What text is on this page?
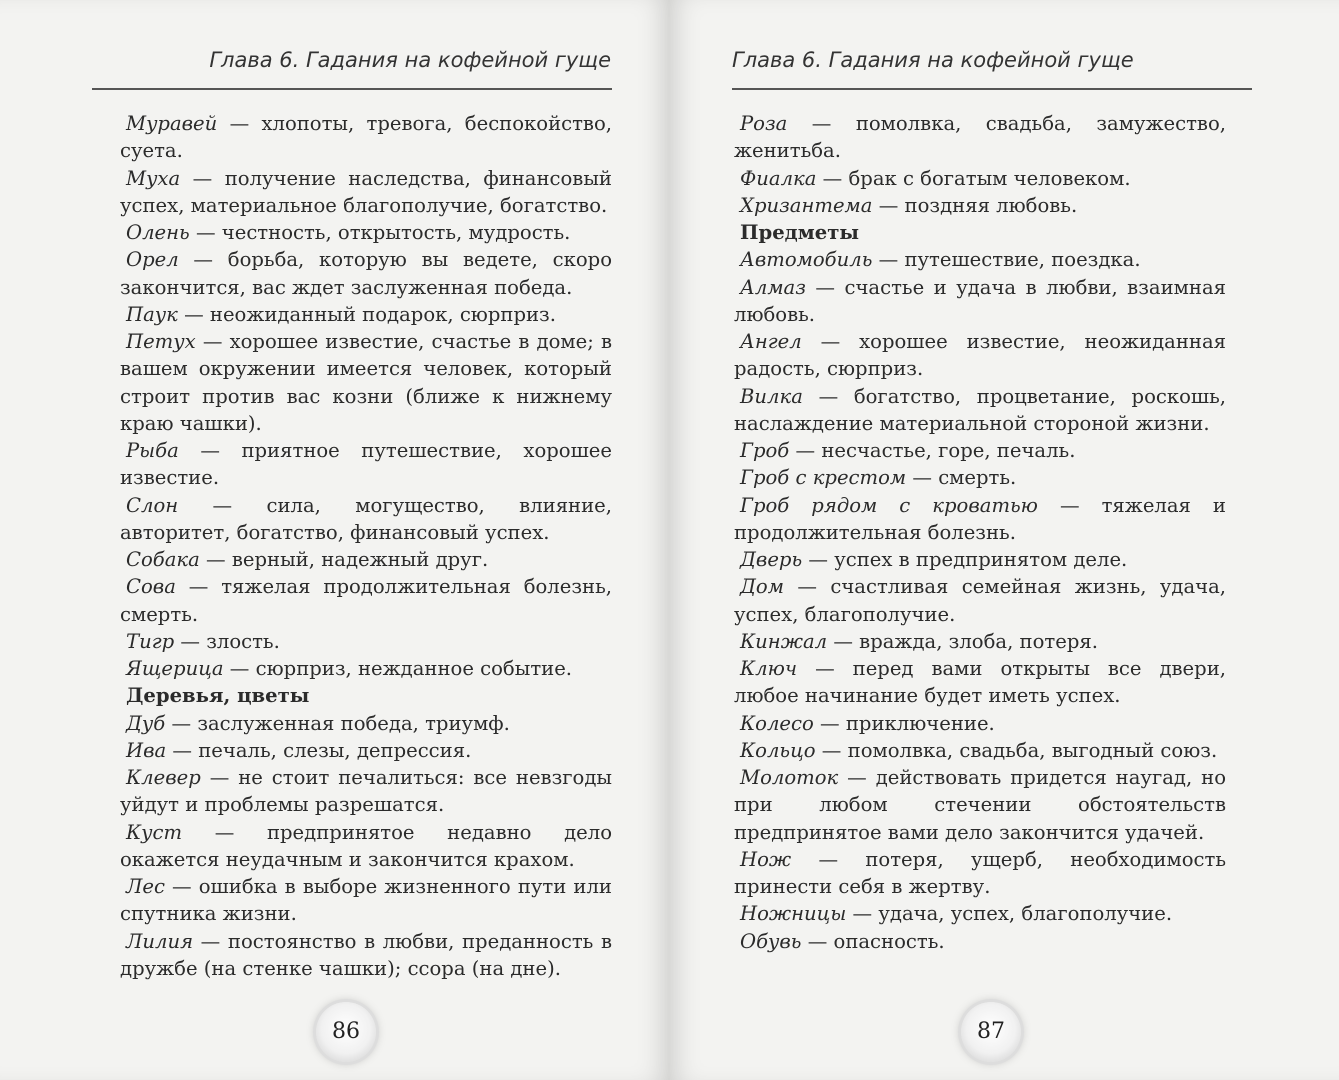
Глава 6. Гадания на кофейной гуще

Муравей — хлопоты, тревога, беспокойство, суета.

Муха — получение наследства, финансовый успех, материальное благополучие, богатство.

Олень — честность, открытость, мудрость.

Орел — борьба, которую вы ведете, скоро закончится, вас ждет заслуженная победа.

Паук — неожиданный подарок, сюрприз.

Петух — хорошее известие, счастье в доме; в вашем окружении имеется человек, который строит против вас козни (ближе к нижнему краю чашки).

Рыба — приятное путешествие, хорошее известие.

Слон — сила, могущество, влияние, авторитет, богатство, финансовый успех.

Собака — верный, надежный друг.

Сова — тяжелая продолжительная болезнь, смерть.

Тигр — злость.

Ящерица — сюрприз, нежданное событие.

Деревья, цветы

Дуб — заслуженная победа, триумф.

Ива — печаль, слезы, депрессия.

Клевер — не стоит печалиться: все невзгоды уйдут и проблемы разрешатся.

Куст — предпринятое недавно дело окажется неудачным и закончится крахом.

Лес — ошибка в выборе жизненного пути или спутника жизни.

Лилия — постоянство в любви, преданность в дружбе (на стенке чашки); ссора (на дне).

86
Глава 6. Гадания на кофейной гуще

Роза — помолвка, свадьба, замужество, женитьба.

Фиалка — брак с богатым человеком.

Хризантема — поздняя любовь.

Предметы

Автомобиль — путешествие, поездка.

Алмаз — счастье и удача в любви, взаимная любовь.

Ангел — хорошее известие, неожиданная радость, сюрприз.

Вилка — богатство, процветание, роскошь, наслаждение материальной стороной жизни.

Гроб — несчастье, горе, печаль.

Гроб с крестом — смерть.

Гроб рядом с кроватью — тяжелая и продолжительная болезнь.

Дверь — успех в предпринятом деле.

Дом — счастливая семейная жизнь, удача, успех, благополучие.

Кинжал — вражда, злоба, потеря.

Ключ — перед вами открыты все двери, любое начинание будет иметь успех.

Колесо — приключение.

Кольцо — помолвка, свадьба, выгодный союз.

Молоток — действовать придется наугад, но при любом стечении обстоятельств предпринятое вами дело закончится удачей.

Нож — потеря, ущерб, необходимость принести себя в жертву.

Ножницы — удача, успех, благополучие.

Обувь — опасность.

87
